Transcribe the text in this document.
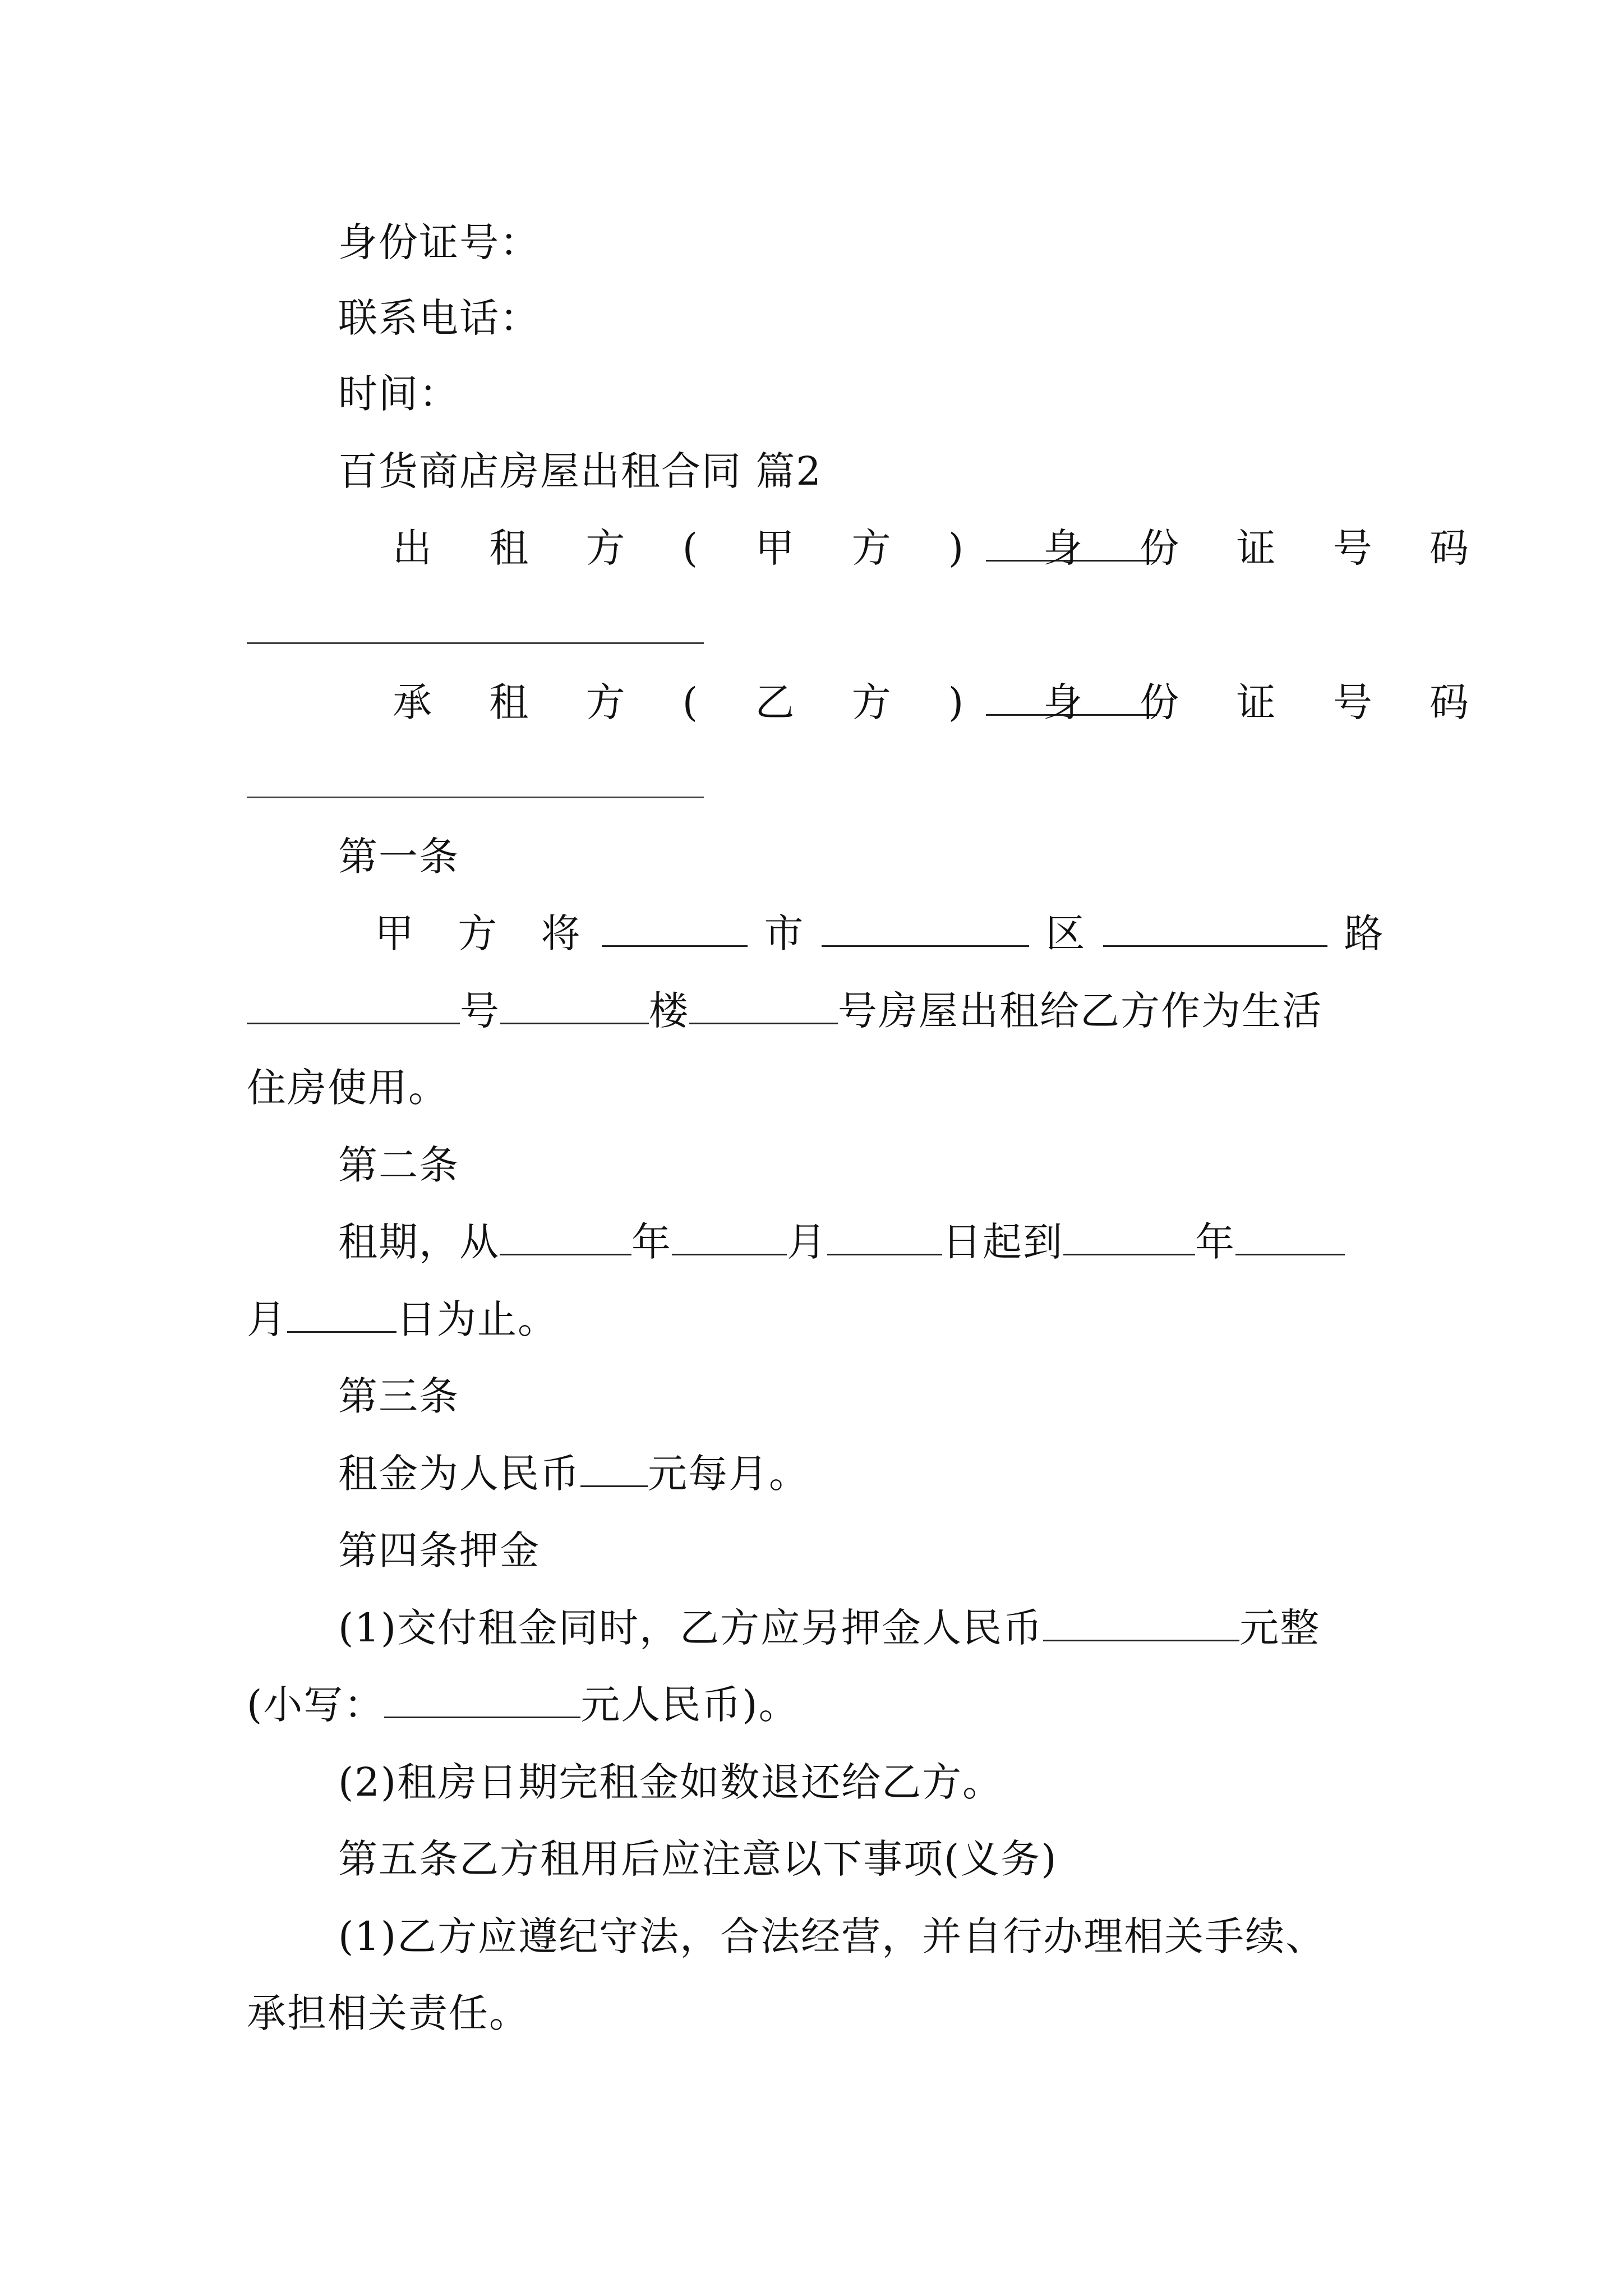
身份证号：
联系电话：
时间：
百货商店房屋出租合同 篇2
出 租 方 ( 甲 方 )	身 份 证 号 码
承 租 方 ( 乙 方 )	身 份 证 号 码
第一条
甲 方 将	市	区	路
号	楼	号房屋出租给乙方作为生活
住房使用。
第二条
租期，从	年	月	日起到	年
月	日为止。
第三条
租金为人民币 元每月。
第四条押金
(1)交付租金同时，乙方应另押金人民币	元整
(小写：	元人民币)。
(2)租房日期完租金如数退还给乙方。
第五条乙方租用后应注意以下事项(义务)
(1)乙方应遵纪守法，合法经营，并自行办理相关手续、
承担相关责任。
